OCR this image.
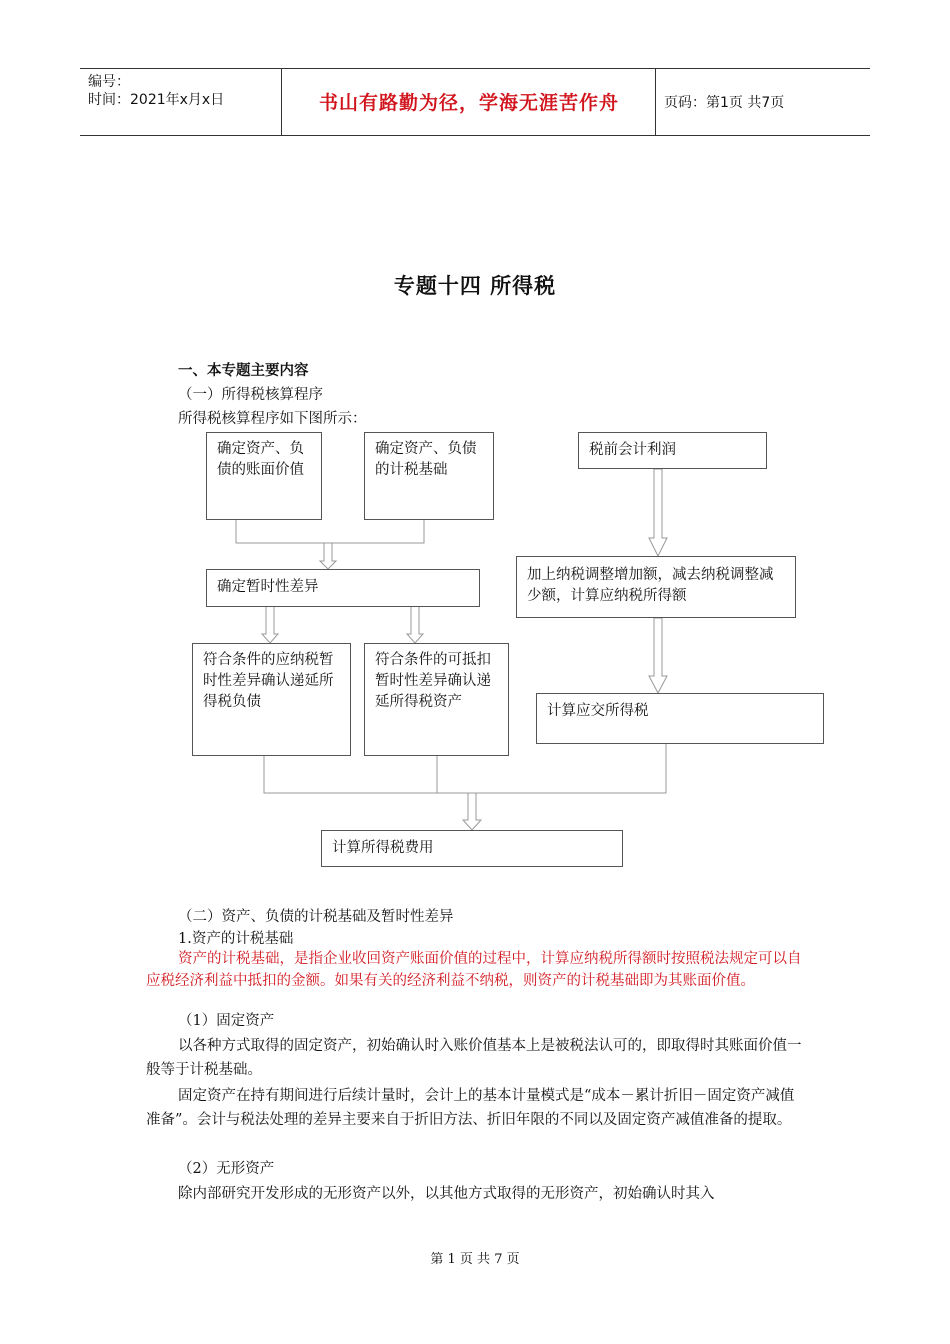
编号：
时间：2021年x月x日	书山有路勤为径，学海无涯苦作舟	页码：第1页 共7页
专题十四 所得税
一、本专题主要内容
（一）所得税核算程序
所得税核算程序如下图所示：
确定资产、负债的账面价值
确定资产、负债的计税基础
税前会计利润
确定暂时性差异
加上纳税调整增加额，减去纳税调整减少额，计算应纳税所得额
符合条件的应纳税暂时性差异确认递延所得税负债
符合条件的可抵扣暂时性差异确认递延所得税资产
计算应交所得税
计算所得税费用
（二）资产、负债的计税基础及暂时性差异
1.资产的计税基础
资产的计税基础，是指企业收回资产账面价值的过程中，计算应纳税所得额时按照税法规定可以自应税经济利益中抵扣的金额。如果有关的经济利益不纳税，则资产的计税基础即为其账面价值。
（1）固定资产
以各种方式取得的固定资产，初始确认时入账价值基本上是被税法认可的，即取得时其账面价值一般等于计税基础。
固定资产在持有期间进行后续计量时，会计上的基本计量模式是“成本－累计折旧－固定资产减值准备”。会计与税法处理的差异主要来自于折旧方法、折旧年限的不同以及固定资产减值准备的提取。
（2）无形资产
除内部研究开发形成的无形资产以外，以其他方式取得的无形资产，初始确认时其入
第 1 页 共 7 页
